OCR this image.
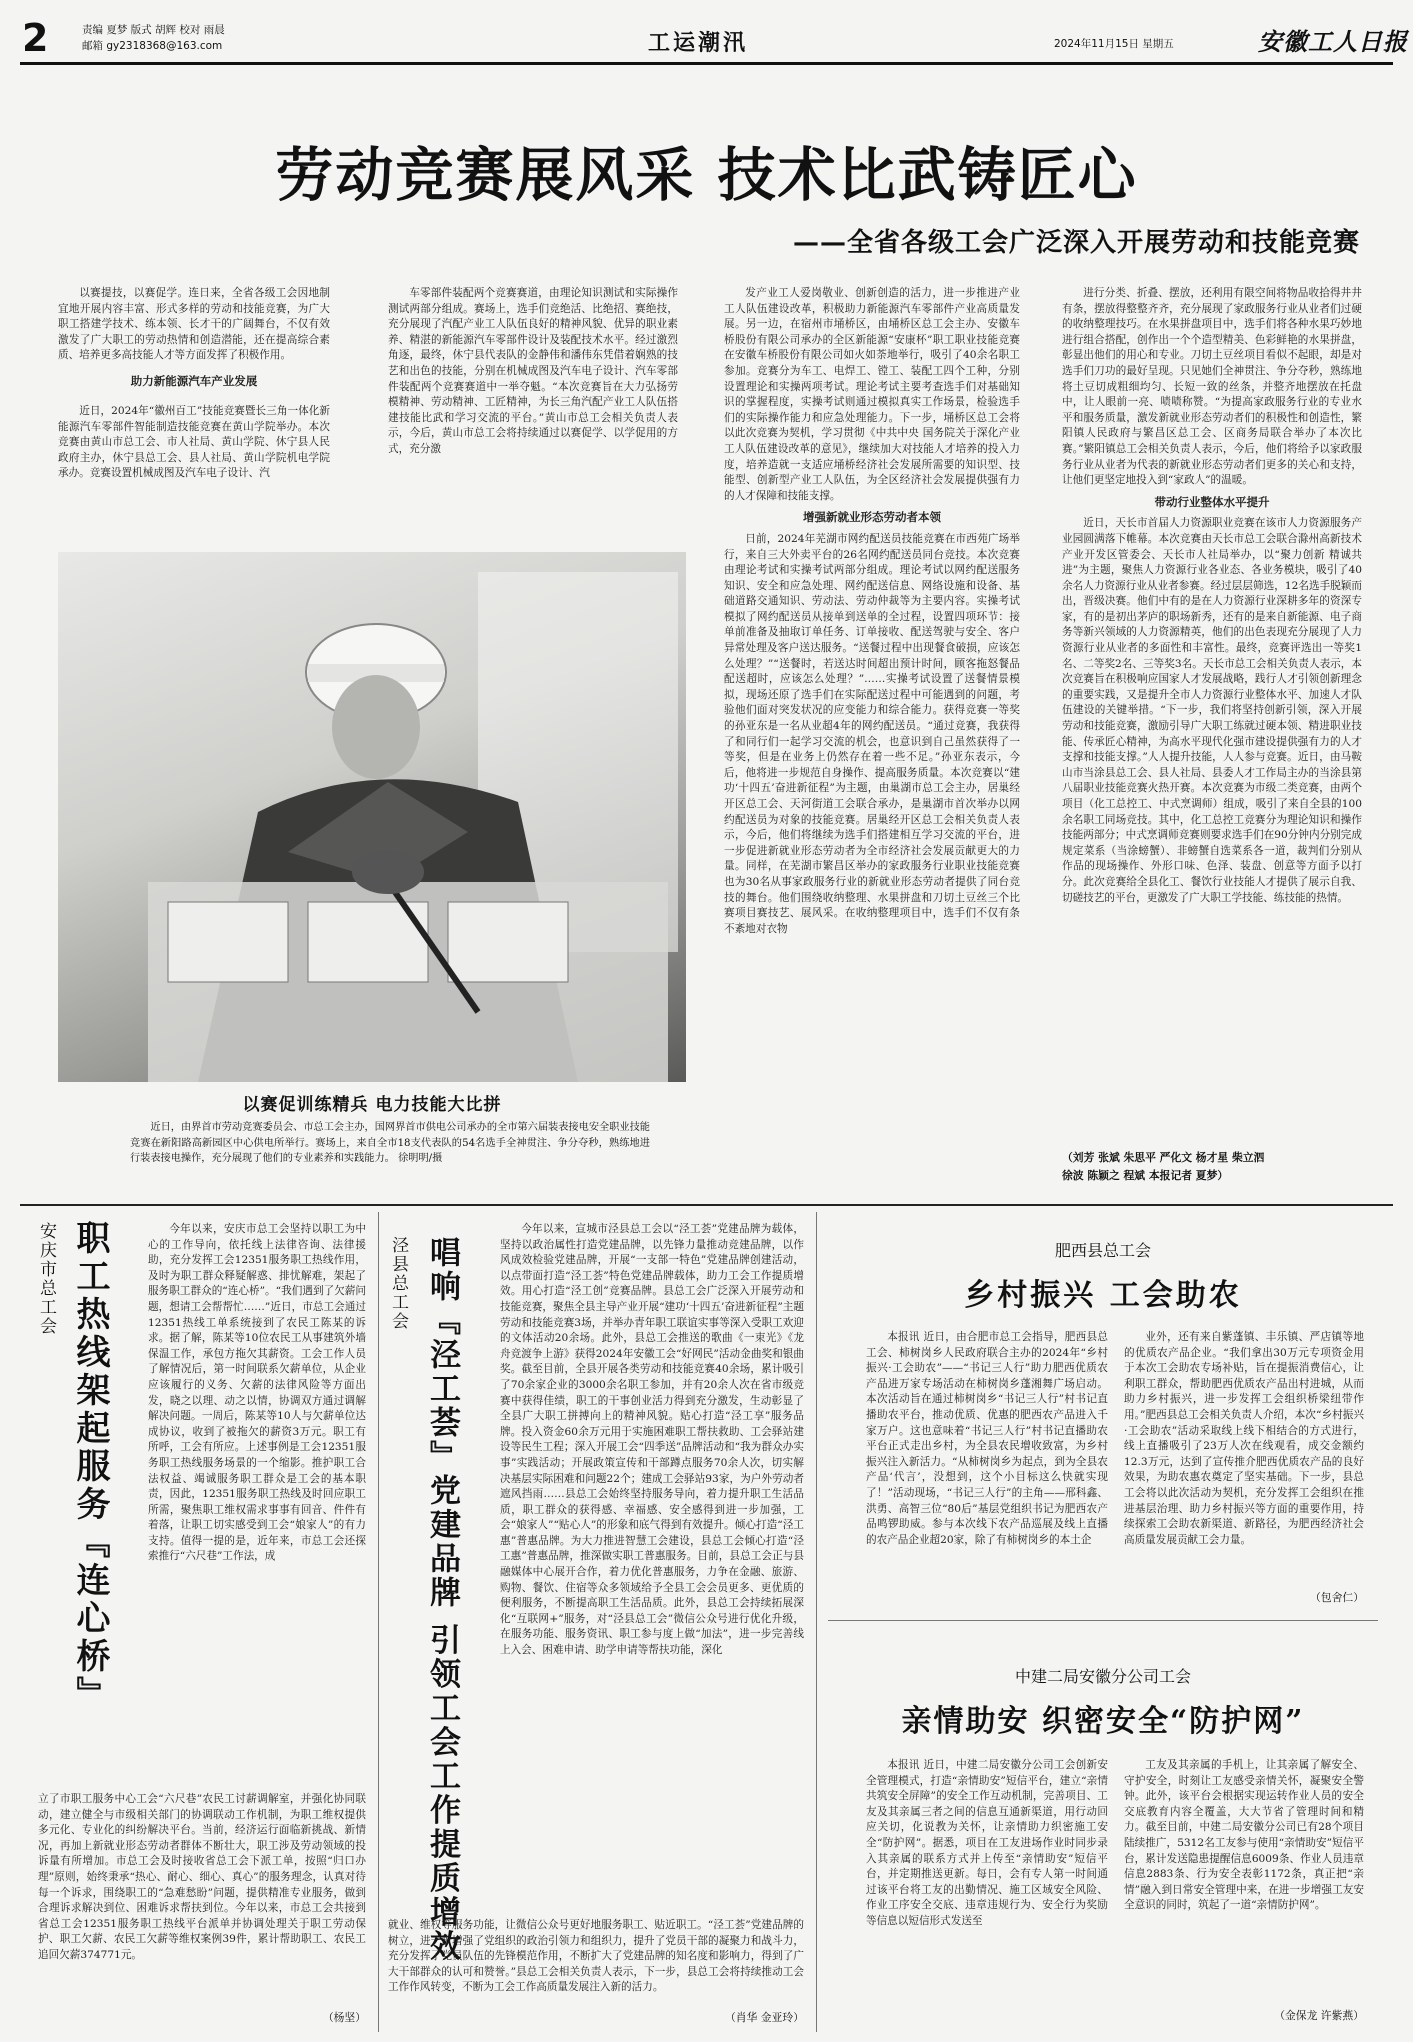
2	责编 夏梦 版式 胡辉 校对 雨晨
邮箱 gy2318368@163.com	工运潮汛	2024年11月15日 星期五	安徽工人日报
劳动竞赛展风采 技术比武铸匠心
——全省各级工会广泛深入开展劳动和技能竞赛

以赛提技，以赛促学。连日来，全省各级工会因地制宜地开展内容丰富、形式多样的劳动和技能竞赛，为广大职工搭建学技术、练本领、长才干的广阔舞台，不仅有效激发了广大职工的劳动热情和创造潜能，还在提高综合素质、培养更多高技能人才等方面发挥了积极作用。

助力新能源汽车产业发展

近日，2024年“徽州百工”技能竞赛暨长三角一体化新能源汽车零部件智能制造技能竞赛在黄山学院举办。本次竞赛由黄山市总工会、市人社局、黄山学院、休宁县人民政府主办，休宁县总工会、县人社局、黄山学院机电学院承办。竞赛设置机械成图及汽车电子设计、汽

车零部件装配两个竞赛赛道，由理论知识测试和实际操作测试两部分组成。赛场上，选手们竞绝活、比绝招、赛绝技，充分展现了汽配产业工人队伍良好的精神风貌、优异的职业素养、精湛的新能源汽车零部件设计及装配技术水平。经过激烈角逐，最终，休宁县代表队的金静伟和潘伟东凭借着娴熟的技艺和出色的技能，分别在机械成图及汽车电子设计、汽车零部件装配两个竞赛赛道中一举夺魁。“本次竞赛旨在大力弘扬劳模精神、劳动精神、工匠精神，为长三角汽配产业工人队伍搭建技能比武和学习交流的平台。”黄山市总工会相关负责人表示，今后，黄山市总工会将持续通过以赛促学、以学促用的方式，充分激

发产业工人爱岗敬业、创新创造的活力，进一步推进产业工人队伍建设改革，积极助力新能源汽车零部件产业高质量发展。另一边，在宿州市埇桥区，由埇桥区总工会主办、安徽车桥股份有限公司承办的全区新能源“安康杯”职工职业技能竞赛在安徽车桥股份有限公司如火如荼地举行，吸引了40余名职工参加。竞赛分为车工、电焊工、镗工、装配工四个工种，分别设置理论和实操两项考试。理论考试主要考查选手们对基础知识的掌握程度，实操考试则通过模拟真实工作场景，检验选手们的实际操作能力和应急处理能力。下一步，埇桥区总工会将以此次竞赛为契机，学习贯彻《中共中央 国务院关于深化产业工人队伍建设改革的意见》，继续加大对技能人才培养的投入力度，培养造就一支适应埇桥经济社会发展所需要的知识型、技能型、创新型产业工人队伍，为全区经济社会发展提供强有力的人才保障和技能支撑。

增强新就业形态劳动者本领

日前，2024年芜湖市网约配送员技能竞赛在市西苑广场举行，来自三大外卖平台的26名网约配送员同台竞技。本次竞赛由理论考试和实操考试两部分组成。理论考试以网约配送服务知识、安全和应急处理、网约配送信息、网络设施和设备、基础道路交通知识、劳动法、劳动仲裁等为主要内容。实操考试模拟了网约配送员从接单到送单的全过程，设置四项环节：接单前准备及抽取订单任务、订单接收、配送驾驶与安全、客户异常处理及客户送达服务。“送餐过程中出现餐食破损，应该怎么处理？”“送餐时，若送达时间超出预计时间，顾客拖怒餐品配送超时，应该怎么处理？”……实操考试设置了送餐情景模拟，现场还原了选手们在实际配送过程中可能遇到的问题，考验他们面对突发状况的应变能力和综合能力。获得竞赛一等奖的孙亚东是一名从业超4年的网约配送员。“通过竞赛，我获得了和同行们一起学习交流的机会，也意识到自己虽然获得了一等奖，但是在业务上仍然存在着一些不足。”孙亚东表示，今后，他将进一步规范自身操作、提高服务质量。本次竞赛以“建功‘十四五’奋进新征程”为主题，由巢湖市总工会主办，居巢经开区总工会、天河街道工会联合承办，是巢湖市首次举办以网约配送员为对象的技能竞赛。居巢经开区总工会相关负责人表示，今后，他们将继续为选手们搭建相互学习交流的平台，进一步促进新就业形态劳动者为全市经济社会发展贡献更大的力量。同样，在芜湖市繁昌区举办的家政服务行业职业技能竞赛也为30名从事家政服务行业的新就业形态劳动者提供了同台竞技的舞台。他们围绕收纳整理、水果拼盘和刀切土豆丝三个比赛项目赛技艺、展风采。在收纳整理项目中，选手们不仅有条不紊地对衣物

进行分类、折叠、摆放，还利用有限空间将物品收拾得井井有条，摆放得整整齐齐，充分展现了家政服务行业从业者们过硬的收纳整理技巧。在水果拼盘项目中，选手们将各种水果巧妙地进行组合搭配，创作出一个个造型精美、色彩鲜艳的水果拼盘，彰显出他们的用心和专业。刀切土豆丝项目看似不起眼，却是对选手们刀功的最好呈现。只见她们全神贯注、争分夺秒，熟练地将土豆切成粗细均匀、长短一致的丝条，并整齐地摆放在托盘中，让人眼前一亮、啧啧称赞。“为提高家政服务行业的专业水平和服务质量，激发新就业形态劳动者们的积极性和创造性，繁阳镇人民政府与繁昌区总工会、区商务局联合举办了本次比赛。”繁阳镇总工会相关负责人表示，今后，他们将给予以家政服务行业从业者为代表的新就业形态劳动者们更多的关心和支持，让他们更坚定地投入到“家政人”的温暖。

带动行业整体水平提升

近日，天长市首届人力资源职业竞赛在该市人力资源服务产业园圆满落下帷幕。本次竞赛由天长市总工会联合滁州高新技术产业开发区管委会、天长市人社局举办，以“聚力创新 精诚共进”为主题，聚焦人力资源行业各业态、各业务模块，吸引了40余名人力资源行业从业者参赛。经过层层筛选，12名选手脱颖而出，晋级决赛。他们中有的是在人力资源行业深耕多年的资深专家，有的是初出茅庐的职场新秀，还有的是来自新能源、电子商务等新兴领域的人力资源精英，他们的出色表现充分展现了人力资源行业从业者的多面性和丰富性。最终，竞赛评选出一等奖1名、二等奖2名、三等奖3名。天长市总工会相关负责人表示，本次竞赛旨在积极响应国家人才发展战略，践行人才引领创新理念的重要实践，又是提升全市人力资源行业整体水平、加速人才队伍建设的关键举措。“下一步，我们将坚持创新引领，深入开展劳动和技能竞赛，激励引导广大职工练就过硬本领、精进职业技能、传承匠心精神，为高水平现代化强市建设提供强有力的人才支撑和技能支撑。”人人提升技能，人人参与竞赛。近日，由马鞍山市当涂县总工会、县人社局、县委人才工作局主办的当涂县第八届职业技能竞赛火热开赛。本次竞赛为市级二类竞赛，由两个项目（化工总控工、中式烹调师）组成，吸引了来自全县的100余名职工同场竞技。其中，化工总控工竞赛分为理论知识和操作技能两部分；中式烹调师竞赛则要求选手们在90分钟内分别完成规定菜系（当涂螃蟹）、非螃蟹自选菜系各一道，裁判们分别从作品的现场操作、外形口味、色泽、装盘、创意等方面予以打分。此次竞赛给全县化工、餐饮行业技能人才提供了展示自我、切磋技艺的平台，更激发了广大职工学技能、练技能的热情。

（刘芳 张斌 朱思平 严化文 杨才星 柴立泗
徐波 陈颖之 程斌 本报记者 夏梦）
以赛促训练精兵 电力技能大比拼
近日，由界首市劳动竞赛委员会、市总工会主办，国网界首市供电公司承办的全市第六届装表接电安全职业技能竞赛在新阳路高新园区中心供电所举行。赛场上，来自全市18支代表队的54名选手全神贯注、争分夺秒，熟练地进行装表接电操作，充分展现了他们的专业素养和实践能力。 徐明明/摄
安庆市总工会 职工热线架起服务『连心桥』	今年以来，安庆市总工会坚持以职工为中心的工作导向，依托线上法律咨询、法律援助，充分发挥工会12351服务职工热线作用，及时为职工群众释疑解惑、排忧解难，架起了服务职工群众的“连心桥”。“我们遇到了欠薪问题，想请工会帮帮忙……”近日，市总工会通过12351热线工单系统接到了农民工陈某的诉求。据了解，陈某等10位农民工从事建筑外墙保温工作，承包方拖欠其薪资。工会工作人员了解情况后，第一时间联系欠薪单位，从企业应该履行的义务、欠薪的法律风险等方面出发，晓之以理、动之以情，协调双方通过调解解决问题。一周后，陈某等10人与欠薪单位达成协议，收到了被拖欠的薪资3万元。职工有所呼，工会有所应。上述事例是工会12351服务职工热线服务场景的一个缩影。推护职工合法权益、竭诚服务职工群众是工会的基本职责，因此，12351服务职工热线及时回应职工所需，聚焦职工维权需求事事有回音、件件有着落，让职工切实感受到工会“娘家人”的有力支持。值得一提的是，近年来，市总工会还探索推行“六尺巷”工作法，成

立了市职工服务中心工会“六尺巷”农民工讨薪调解室，并强化协同联动，建立健全与市级相关部门的协调联动工作机制，为职工维权提供多元化、专业化的纠纷解决平台。当前，经济运行面临新挑战、新情况，再加上新就业形态劳动者群体不断壮大，职工涉及劳动领域的投诉量有所增加。市总工会及时接收省总工会下派工单，按照“归口办理”原则，始终秉承“热心、耐心、细心、真心”的服务理念，认真对待每一个诉求，围绕职工的“急难愁盼”问题，提供精准专业服务，做到合理诉求解决到位、困难诉求帮扶到位。今年以来，市总工会共接到省总工会12351服务职工热线平台派单并协调处理关于职工劳动保护、职工欠薪、农民工欠薪等维权案例39件，累计帮助职工、农民工追回欠薪374771元。

（杨坚）
泾县总工会 唱响『泾工荟』党建品牌 引领工会工作提质增效

今年以来，宣城市泾县总工会以“泾工荟”党建品牌为载体，坚持以政治属性打造党建品牌，以先锋力量推动竞建品牌，以作风成效检验党建品牌，开展“一支部一特色”党建品牌创建活动，以点带面打造“泾工荟”特色党建品牌载体，助力工会工作提质增效。用心打造“泾工创”竞赛品牌。县总工会广泛深入开展劳动和技能竞赛，聚焦全县主导产业开展“建功‘十四五’奋进新征程”主题劳动和技能竞赛3场，并举办青年职工联谊实事等深入受职工欢迎的文体活动20余场。此外，县总工会推送的歌曲《一束光》《龙舟竞渡争上游》获得2024年安徽工会“好网民”活动金曲奖和银曲奖。截至目前，全县开展各类劳动和技能竞赛40余场，累计吸引了70余家企业的3000余名职工参加，并有20余人次在省市级竞赛中获得佳绩，职工的干事创业活力得到充分激发，生动彰显了全县广大职工拼搏向上的精神风貌。贴心打造“泾工享”服务品牌。投入资金60余万元用于实施困难职工帮扶救助、工会驿站建设等民生工程；深入开展工会“四季送”品牌活动和“我为群众办实事”实践活动；开展政策宣传和干部蹲点服务70余人次，切实解决基层实际困难和问题22个；建成工会驿站93家，为户外劳动者遮风挡雨……县总工会始终坚持服务导向，着力提升职工生活品质，职工群众的获得感、幸福感、安全感得到进一步加强，工会“娘家人”“贴心人”的形象和底气得到有效提升。倾心打造“泾工惠”普惠品牌。为大力推进智慧工会建设，县总工会倾心打造“泾工惠”普惠品牌，推深做实职工普惠服务。目前，县总工会正与县融媒体中心展开合作，着力优化普惠服务，力争在金融、旅游、购物、餐饮、住宿等众多领域给予全县工会会员更多、更优质的便利服务，不断提高职工生活品质。此外，县总工会持续拓展深化“互联网+”服务，对“泾县总工会”微信公众号进行优化升级，在服务功能、服务资讯、职工参与度上做“加法”，进一步完善线上入会、困难申请、助学申请等帮扶功能，深化

就业、维权等服务功能，让微信公众号更好地服务职工、贴近职工。“泾工荟”党建品牌的树立，进一步增强了党组织的政治引领力和组织力，提升了党员干部的凝聚力和战斗力，充分发挥了党员队伍的先锋模范作用，不断扩大了党建品牌的知名度和影响力，得到了广大干部群众的认可和赞誉。”县总工会相关负责人表示，下一步，县总工会将持续推动工会工作作风转变，不断为工会工作高质量发展注入新的活力。

（肖华 金亚玲）
肥西县总工会
乡村振兴 工会助农

本报讯 近日，由合肥市总工会指导，肥西县总工会、柿树岗乡人民政府联合主办的2024年“乡村振兴·工会助农”——“书记三人行”助力肥西优质农产品进万家专场活动在柿树岗乡蓬湘舞广场启动。本次活动旨在通过柿树岗乡“书记三人行”村书记直播助农平台，推动优质、优惠的肥西农产品进入千家万户。这也意味着“书记三人行”村书记直播助农平台正式走出乡村，为全县农民增收致富，为乡村振兴注入新活力。“从柿树岗乡为起点，到为全县农产品‘代言’，没想到，这个小目标这么快就实现了！”活动现场，“书记三人行”的主角——邢科鑫、洪勇、高智三位“80后”基层党组织书记为肥西农产品鸣锣助威。参与本次线下农产品巡展及线上直播的农产品企业超20家，除了有柿树岗乡的本土企

业外，还有来自紫蓬镇、丰乐镇、严店镇等地的优质农产品企业。“我们拿出30万元专项资金用于本次工会助农专场补贴，旨在提振消费信心，让利职工群众，帮助肥西优质农产品出村进城，从而助力乡村振兴，进一步发挥工会组织桥梁纽带作用。”肥西县总工会相关负责人介绍，本次“乡村振兴·工会助农”活动采取线上线下相结合的方式进行，线上直播吸引了23万人次在线观看，成交金额约12.3万元，达到了宣传推介肥西优质农产品的良好效果，为助农惠农奠定了坚实基础。下一步，县总工会将以此次活动为契机，充分发挥工会组织在推进基层治理、助力乡村振兴等方面的重要作用，持续探索工会助农新渠道、新路径，为肥西经济社会高质量发展贡献工会力量。

（包舍仁）
中建二局安徽分公司工会
亲情助安 织密安全“防护网”

本报讯 近日，中建二局安徽分公司工会创新安全管理模式，打造“亲情助安”短信平台，建立“亲情共筑安全屏障”的安全工作互动机制，完善项目、工友及其亲属三者之间的信息互通新渠道，用行动回应关切，化说教为关怀，让亲情助力织密施工安全“防护网”。据悉，项目在工友进场作业时同步录入其亲属的联系方式并上传至“亲情助安”短信平台，并定期推送更新。每日，会有专人第一时间通过该平台将工友的出勤情况、施工区域安全风险、作业工序安全交底、违章违规行为、安全行为奖励等信息以短信形式发送至

工友及其亲属的手机上，让其亲属了解安全、守护安全，时刻让工友感受亲情关怀，凝聚安全警钟。此外，该平台会根据实现运转作业人员的安全交底教育内容全覆盖，大大节省了管理时间和精力。截至目前，中建二局安徽分公司已有28个项目陆续推广，5312名工友参与使用“亲情助安”短信平台，累计发送隐患提醒信息6009条、作业人员违章信息2883条、行为安全表彰1172条，真正把“亲情”融入到日常安全管理中来，在进一步增强工友安全意识的同时，筑起了一道“亲情防护网”。

（金保龙 许紫燕）
